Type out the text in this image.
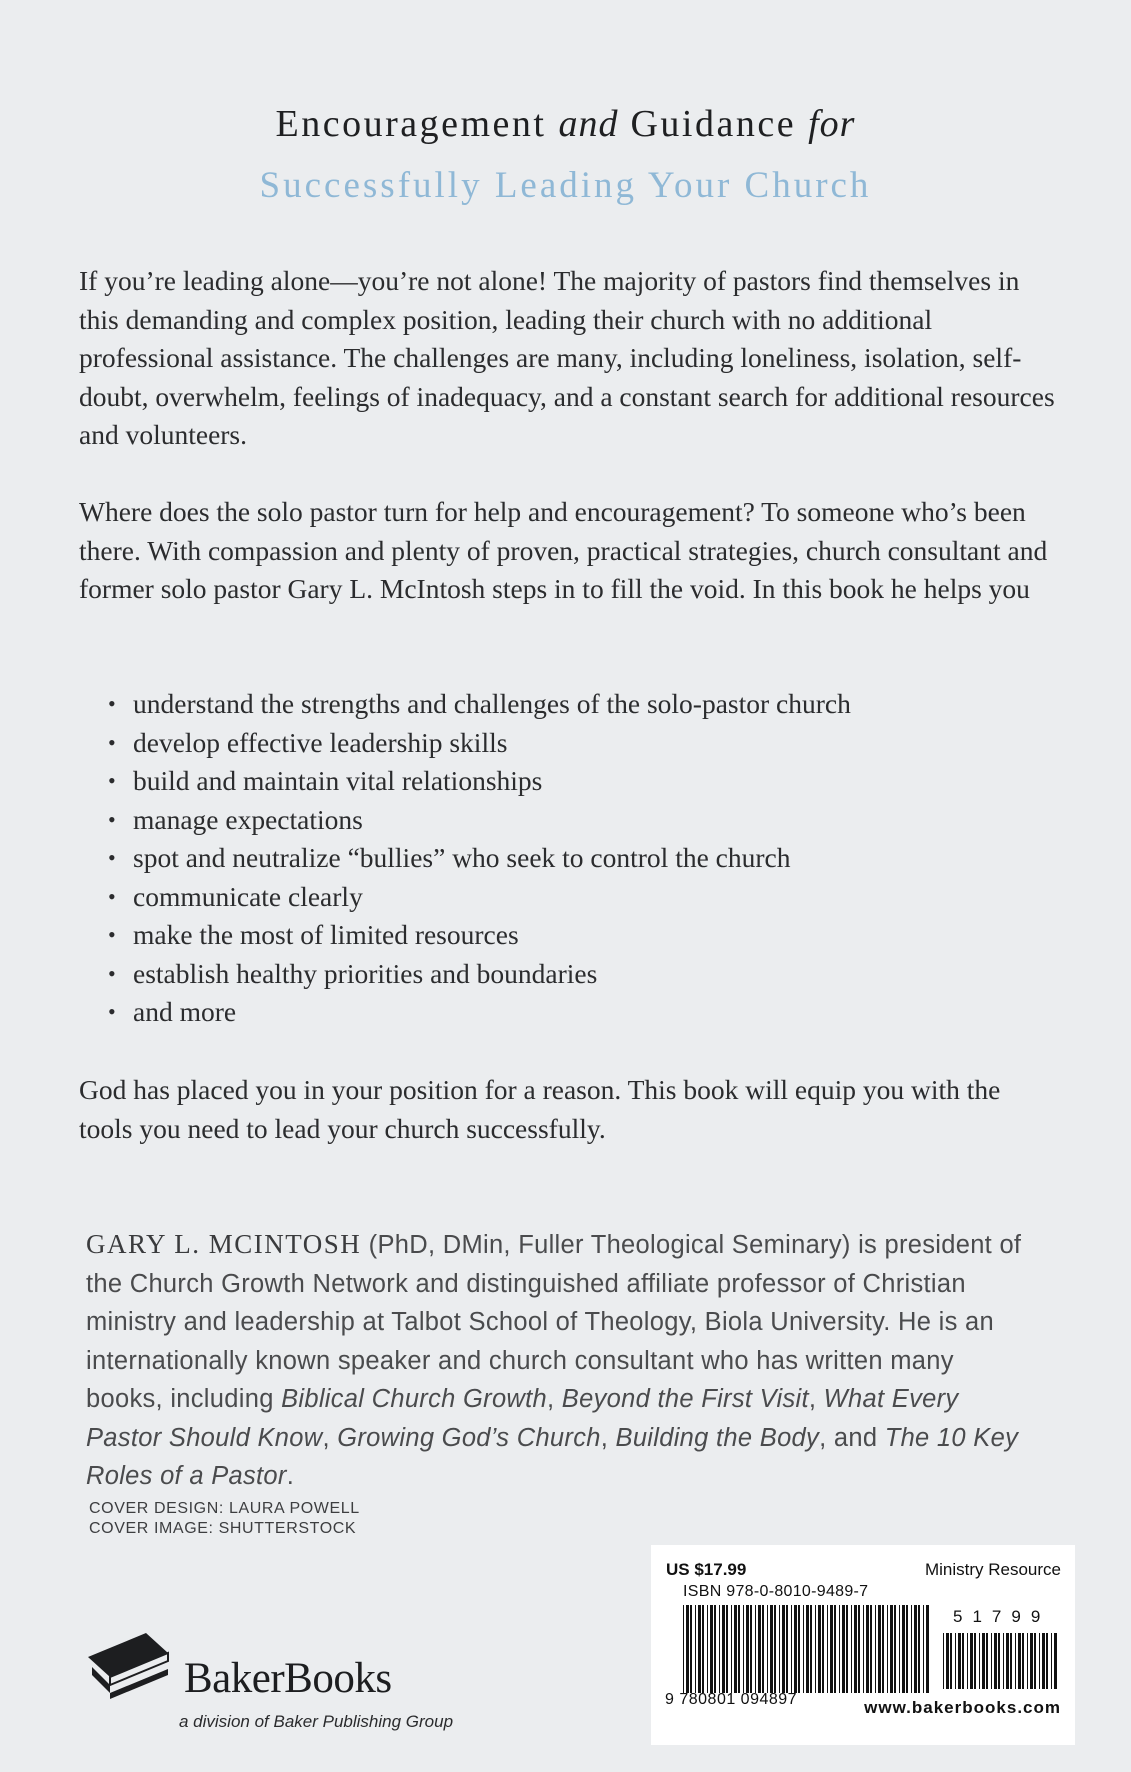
Encouragement and Guidance for
Successfully Leading Your Church

If you’re leading alone—you’re not alone! The majority of pastors find themselves in this demanding and complex position, leading their church with no additional professional assistance. The challenges are many, including loneliness, isolation, self-doubt, overwhelm, feelings of inadequacy, and a constant search for additional resources and volunteers.

Where does the solo pastor turn for help and encouragement? To someone who’s been there. With compassion and plenty of proven, practical strategies, church consultant and former solo pastor Gary L. McIntosh steps in to fill the void. In this book he helps you

• understand the strengths and challenges of the solo-pastor church
• develop effective leadership skills
• build and maintain vital relationships
• manage expectations
• spot and neutralize “bullies” who seek to control the church
• communicate clearly
• make the most of limited resources
• establish healthy priorities and boundaries
• and more

God has placed you in your position for a reason. This book will equip you with the tools you need to lead your church successfully.

GARY L. MCINTOSH (PhD, DMin, Fuller Theological Seminary) is president of the Church Growth Network and distinguished affiliate professor of Christian ministry and leadership at Talbot School of Theology, Biola University. He is an internationally known speaker and church consultant who has written many books, including Biblical Church Growth, Beyond the First Visit, What Every Pastor Should Know, Growing God’s Church, Building the Body, and The 10 Key Roles of a Pastor.

COVER DESIGN: LAURA POWELL
COVER IMAGE: SHUTTERSTOCK
BakerBooks
a division of Baker Publishing Group
US $17.99	Ministry Resource
ISBN 978-0-8010-9489-7
9 780801 094897
51799
www.bakerbooks.com
